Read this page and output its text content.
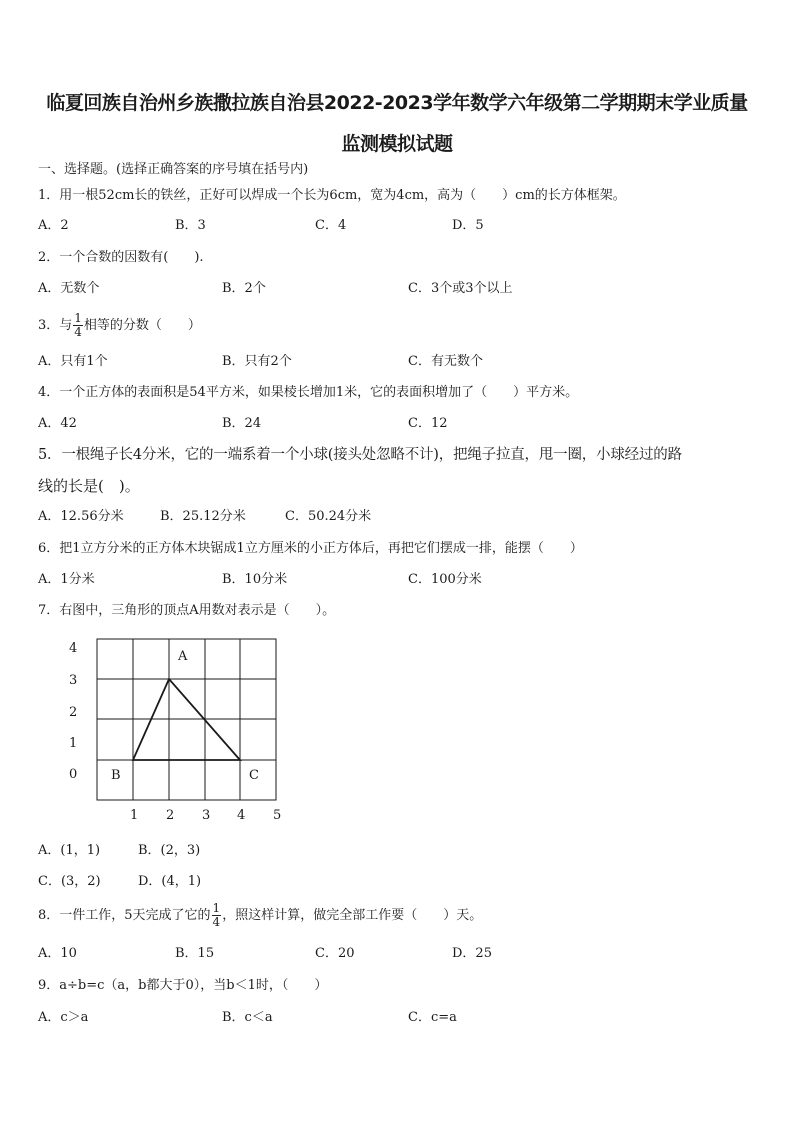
临夏回族自治州乡族撒拉族自治县2022-2023学年数学六年级第二学期期末学业质量
监测模拟试题
一、选择题。(选择正确答案的序号填在括号内)
1．用一根52cm长的铁丝，正好可以焊成一个长为6cm，宽为4cm，高为（　　）cm的长方体框架。
A．2	B．3	C．4	D．5
2．一个合数的因数有(　　).
A．无数个	B．2个	C．3个或3个以上
3．与 $\frac{1}{4}$ 相等的分数（　　）
A．只有1个	B．只有2个	C．有无数个
4．一个正方体的表面积是54平方米，如果棱长增加1米，它的表面积增加了（　　）平方米。
A．42	B．24	C．12
5．一根绳子长4分米，它的一端系着一个小球(接头处忽略不计)，把绳子拉直，甩一圈，小球经过的路
线的长是(　)。
A．12.56分米	B．25.12分米	C．50.24分米
6．把1立方分米的正方体木块锯成1立方厘米的小正方体后，再把它们摆成一排，能摆（　　）
A．1分米	B．10分米	C．100分米
7．右图中，三角形的顶点A用数对表示是（　　）。
4
3
2
1
0
1 2 3 4 5
A
B	C
A．(1，1)	B．(2，3)
C．(3，2)	D．(4，1)
8．一件工作，5天完成了它的 $\frac{1}{4}$ ，照这样计算，做完全部工作要（　　）天。
A．10	B．15	C．20	D．25
9．a÷b=c（a，b都大于0），当b＜1时，（　　）
A．c＞a	B．c＜a	C．c=a
